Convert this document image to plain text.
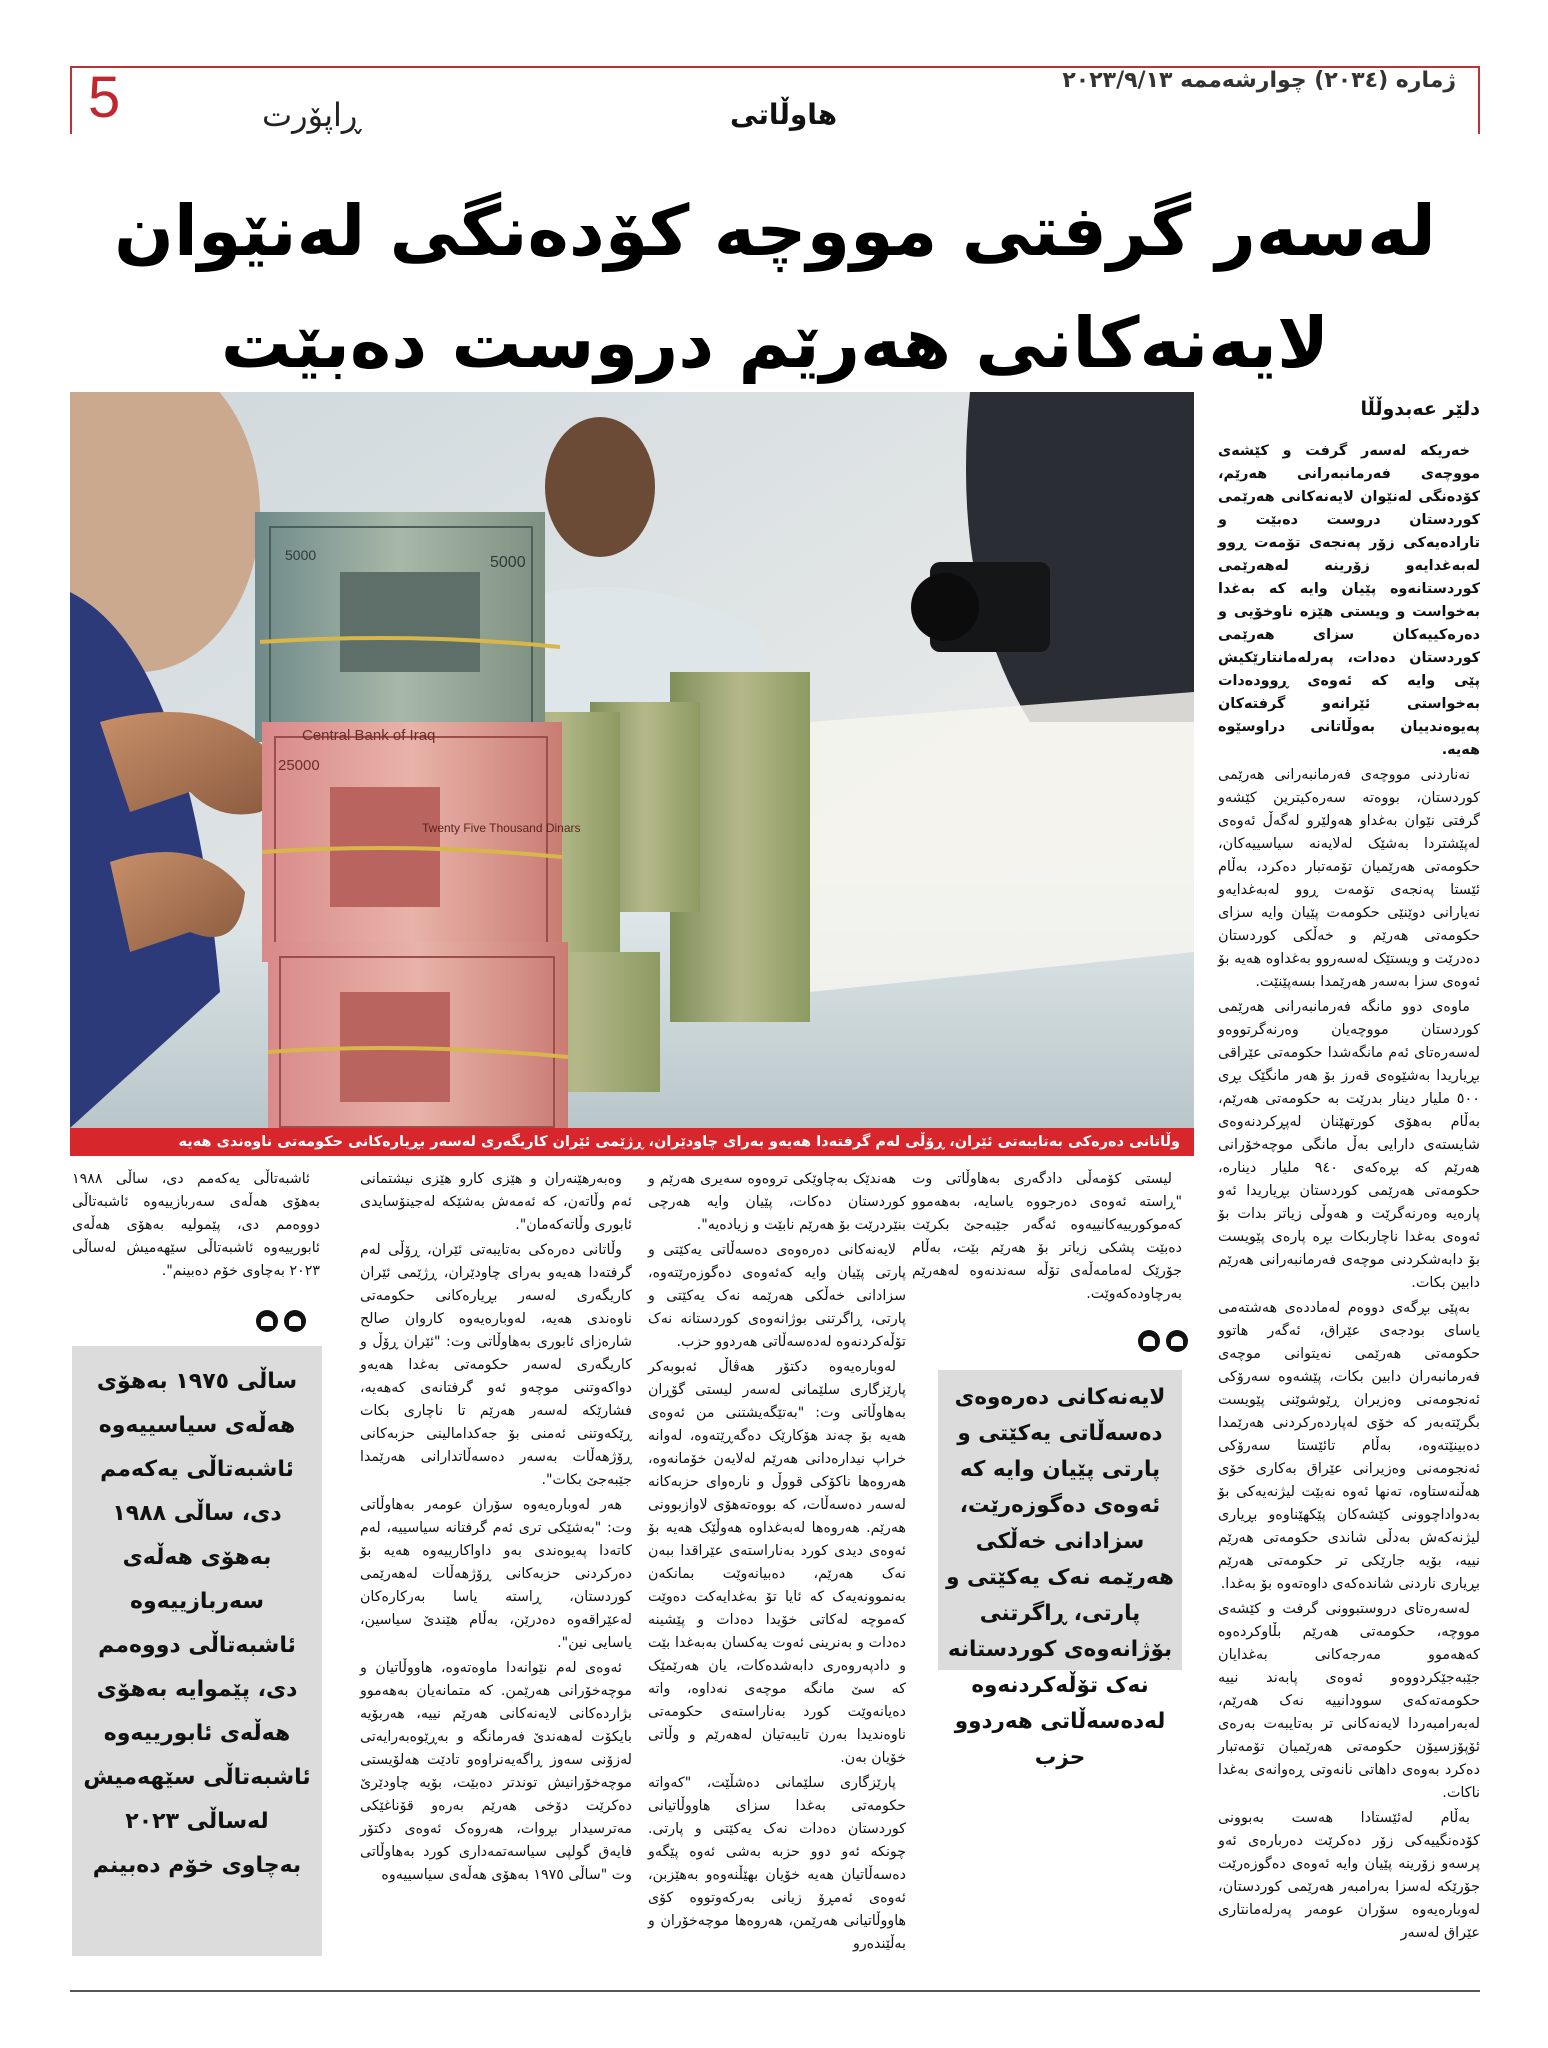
ژمارە (٢٠٣٤) چوارشەممە ٢٠٢٣/٩/١٣
5	ڕاپۆرت	هاوڵاتی
لەسەر گرفتی مووچە کۆدەنگی لەنێوان لایەنەکانی هەرێم دروست دەبێت
5000
5000
Central Bank of Iraq
25000
Twenty Five Thousand Dinars
وڵاتانی دەرەکی بەتایبەتی ئێران، ڕۆڵی لەم گرفتەدا هەیەو بەرای چاودێران، ڕژێمی ئێران کاریگەری لەسەر بڕیارەکانی حکومەتی ناوەندی هەیە
دلێر عەبدوڵڵا

خەریکە لەسەر گرفت و کێشەی مووچەی فەرمانبەرانی هەرێم، کۆدەنگی لەنێوان لایەنەکانی هەرێمی کوردستان دروست دەبێت و تارادەیەکی زۆر پەنجەی تۆمەت ڕوو لەبەغدایەو زۆرینە لەهەرێمی کوردستانەوە پێیان وایە کە بەغدا بەخواست و ویستی هێزە ناوخۆیی و دەرەکییەکان سزای هەرێمی کوردستان دەدات، پەرلەمانتارێکیش پێی وایە کە ئەوەی ڕوودەدات بەخواستی ئێرانەو گرفتەکان پەیوەندییان بەوڵاتانی دراوسێوە هەیە.

نەناردنی مووچەی فەرمانبەرانی هەرێمی کوردستان، بووەتە سەرەکیترین کێشەو گرفتی نێوان بەغداو هەولێرو لەگەڵ ئەوەی لەپێشتردا بەشێک لەلایەنە سیاسییەکان، حکومەتی هەرێمیان تۆمەتبار دەکرد، بەڵام ئێستا پەنجەی تۆمەت ڕوو لەبەغدایەو نەیارانی دوێنێی حکومەت پێیان وایە سزای حکومەتی هەرێم و خەڵکی کوردستان دەدرێت و ویستێک لەسەروو بەغداوە هەیە بۆ ئەوەی سزا بەسەر هەرێمدا بسەپێنێت.

ماوەی دوو مانگە فەرمانبەرانی هەرێمی کوردستان مووچەیان وەرنەگرتووەو لەسەرەتای ئەم مانگەشدا حکومەتی عێراقی بڕیاریدا بەشێوەی قەرز بۆ هەر مانگێک بڕی ٥٠٠ ملیار دینار بدرێت بە حکومەتی هەرێم، بەڵام بەهۆی کورتهێنان لەپڕکردنەوەی شایستەی دارایی بەڵ مانگی موچەخۆرانی هەرێم کە بڕەکەی ٩٤٠ ملیار دینارە، حکومەتی هەرێمی کوردستان بڕیاریدا ئەو پارەیە وەرنەگرێت و هەوڵی زیاتر بدات بۆ ئەوەی بەغدا ناچاربکات بڕە پارەی پێویست بۆ دابەشکردنی موچەی فەرمانبەرانی هەرێم دابین بکات.

بەپێی بڕگەی دووەم لەماددەی هەشتەمی یاسای بودجەی عێراق، ئەگەر هاتوو حکومەتی هەرێمی نەیتوانی موچەی فەرمانبەران دابین بکات، پێشەوە سەرۆکی ئەنجومەنی وەزیران ڕێوشوێنی پێویست بگرێتەبەر کە خۆی لەپاردەرکردنی هەرێمدا دەبینێتەوە، بەڵام تائێستا سەرۆکی ئەنجومەنی وەزیرانی عێراق بەکاری خۆی هەڵنەستاوە، تەنها ئەوە نەبێت لیژنەیەکی بۆ بەدواداچوونی کێشەکان پێکهێناوەو بڕیاری لیژنەکەش بەدڵی شاندی حکومەتی هەرێم نییە، بۆیە جارێکی تر حکومەتی هەرێم بڕیاری ناردنی شاندەکەی داوەتەوە بۆ بەغدا.

لەسەرەتای دروستبوونی گرفت و کێشەی مووچە، حکومەتی هەرێم بڵاوکردەوە کەهەموو مەرجەکانی بەغدایان جێبەجێکردووەو ئەوەی پابەند نییە حکومەتەکەی سوودانییە نەک هەرێم، لەبەرامبەردا لایەنەکانی تر بەتایبەت بەرەی ئۆپۆزسیۆن حکومەتی هەرێمیان تۆمەتبار دەکرد بەوەی داهاتی نانەوتی ڕەوانەی بەغدا ناکات.

بەڵام لەئێستادا هەست بەبوونی کۆدەنگییەکی زۆر دەکرێت دەربارەی ئەو پرسەو زۆرینە پێیان وایە ئەوەی دەگوزەرێت جۆرێکە لەسزا بەرامبەر هەرێمی کوردستان، لەوبارەیەوە سۆران عومەر پەرلەمانتاری عێراق لەسەر

لیستی کۆمەڵی دادگەری بەهاوڵاتی وت "ڕاستە ئەوەی دەرجووە یاسایە، بەهەموو کەموکورییەکانییەوە ئەگەر جێبەجێ بکرێت دەبێت پشکی زیاتر بۆ هەرێم بێت، بەڵام جۆرێک لەمامەڵەی تۆڵە سەندنەوە لەهەرێم بەرچاودەکەوێت.

لایەنەکانی دەرەوەی دەسەڵاتی یەکێتی و پارتی پێیان وایە کە ئەوەی دەگوزەرێت، سزادانی خەڵکی هەرێمە نەک یەکێتی و پارتی، ڕاگرتنی بۆژانەوەی کوردستانە نەک تۆڵەکردنەوە لەدەسەڵاتی هەردوو حزب

هەندێک بەچاوێکی تروەوە سەیری هەرێم و کوردستان دەکات، پێیان وایە هەرچی بنێردرێت بۆ هەرێم نابێت و زیادەیە".

لایەنەکانی دەرەوەی دەسەڵاتی یەکێتی و پارتی پێیان وایە کەئەوەی دەگوزەرێتەوە، سزادانی خەڵکی هەرێمە نەک یەکێتی و پارتی، ڕاگرتنی بوژانەوەی کوردستانە نەک تۆڵەکردنەوە لەدەسەڵاتی هەردوو حزب.

لەوبارەیەوە دکتۆر هەڤاڵ ئەبوبەکر پارێزگاری سلێمانی لەسەر لیستی گۆڕان بەهاوڵاتی وت: "بەتێگەیشتنی من ئەوەی هەیە بۆ چەند هۆکارێک دەگەڕێتەوە، لەوانە خراپ نیدارەدانی هەرێم لەلایەن خۆمانەوە، هەروەها ناکۆکی قووڵ و نارەوای حزبەکانە لەسەر دەسەڵات، کە بووەتەهۆی لاوازبوونی هەرێم. هەروەها لەبەغداوە هەوڵێک هەیە بۆ ئەوەی دیدی کورد بەناراستەی عێراقدا ببەن نەک هەرێم، دەبیانەوێت بمانکەن بەنموونەیەک کە ئایا تۆ بەغدایەکت دەوێت کەموچە لەکاتی خۆیدا دەدات و پێشینە دەدات و بەنرینی ئەوت یەکسان بەبەغدا بێت و دادپەروەری دابەشدەکات، یان هەرێمێک کە سێ مانگە موچەی نەداوە، واتە دەیانەوێت کورد بەناراستەی حکومەتی ناوەندیدا بەرن تایبەتیان لەهەرێم و وڵاتی خۆیان بەن.

پارێزگاری سلێمانی دەشڵێت، "کەواتە حکومەتی بەغدا سزای هاووڵاتیانی کوردستان دەدات نەک یەکێتی و پارتی. چونکە ئەو دوو حزبە بەشی ئەوە پێگەو دەسەڵاتیان هەیە خۆیان بهێڵنەوەو بەهێزبن، ئەوەی ئەمڕۆ زیانی بەرکەوتووە کۆی هاووڵاتیانی هەرێمن، هەروەها موچەخۆران و بەڵێندەرو

وەبەرهێنەران و هێزی کارو هێزی نیشتمانی ئەم وڵاتەن، کە ئەمەش بەشێکە لەجینۆسایدی ئابوری وڵاتەکەمان".

وڵاتانی دەرەکی بەتایبەتی ئێران، ڕۆڵی لەم گرفتەدا هەیەو بەرای چاودێران، ڕژێمی ئێران کاریگەری لەسەر بڕیارەکانی حکومەتی ناوەندی هەیە، لەوبارەیەوە کاروان صالح شارەزای ئابوری بەهاوڵاتی وت: "ئێران ڕۆڵ و کاریگەری لەسەر حکومەتی بەغدا هەیەو دواکەوتنی موچەو ئەو گرفتانەی کەهەیە، فشارێکە لەسەر هەرێم تا ناچاری بکات ڕێکەوتنی ئەمنی بۆ جەکدامالینی حزبەکانی ڕۆژهەڵات بەسەر دەسەڵاتدارانی هەرێمدا جێبەجێ بکات".

هەر لەوبارەیەوە سۆران عومەر بەهاوڵاتی وت: "بەشێکی تری ئەم گرفتانە سیاسییە، لەم کاتەدا پەیوەندی بەو داواکارییەوە هەیە بۆ دەرکردنی حزبەکانی ڕۆژهەڵات لەهەرێمی کوردستان، ڕاستە یاسا بەرکارەکان لەعێراقەوە دەدرێن، بەڵام هێندێ سیاسین، یاسایی نین".

ئەوەی لەم نێوانەدا ماوەتەوە، هاووڵاتیان و موچەخۆرانی هەرێمن. کە متمانەیان بەهەموو بژاردەکانی لایەنەکانی هەرێم نییە، هەربۆیە بایکۆت لەهەندێ فەرمانگە و بەڕێوەبەرایەتی لەزۆنی سەوز ڕاگەیەنراوەو تادێت هەلۆیستی موچەخۆرانیش توندتر دەبێت، بۆیە چاودێرێ دەکرێت دۆخی هەرێم بەرەو قۆناغێکی مەترسیدار بڕوات، هەروەک ئەوەی دکتۆر فایەق گولپی سیاسەتمەداری کورد بەهاوڵاتی وت "ساڵی ١٩٧٥ بەهۆی هەڵەی سیاسییەوە

ئاشبەتاڵی یەکەمم دی، ساڵی ١٩٨٨ بەهۆی هەڵەی سەربازییەوە ئاشبەتاڵی دووەمم دی، پێمولیە بەهۆی هەڵەی ئابورییەوە ئاشبەتاڵی سێهەمیش لەساڵی ٢٠٢٣ بەچاوی خۆم دەبینم".

ساڵی ١٩٧٥ بەهۆی هەڵەی سیاسییەوە ئاشبەتاڵی یەکەمم دی، ساڵی ١٩٨٨ بەهۆی هەڵەی سەربازییەوە ئاشبەتاڵی دووەمم دی، پێموایە بەهۆی هەڵەی ئابورییەوە ئاشبەتاڵی سێهەمیش لەساڵی ٢٠٢٣ بەچاوی خۆم دەبینم
